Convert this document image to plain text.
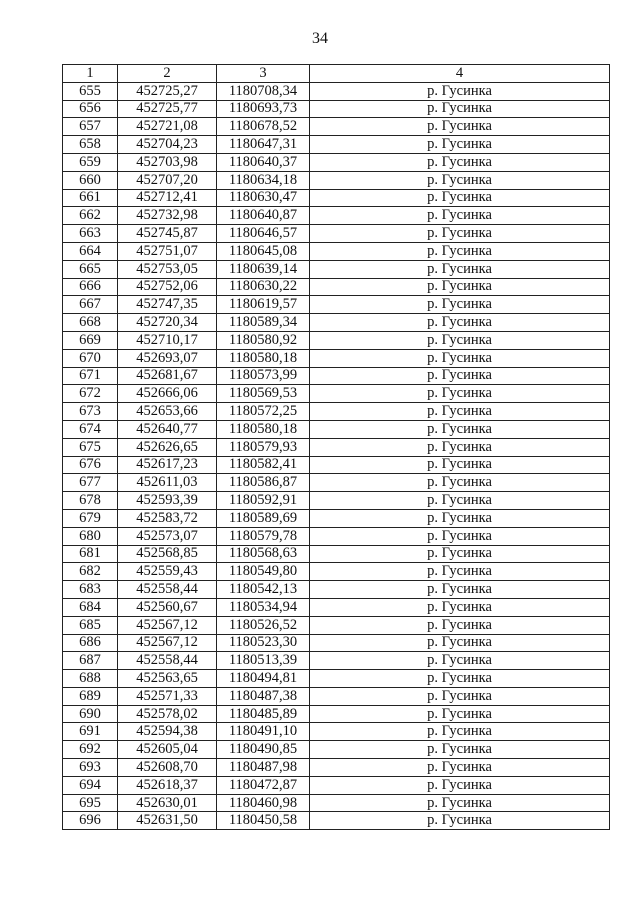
34
1	2	3	4
655	452725,27	1180708,34	р. Гусинка
656	452725,77	1180693,73	р. Гусинка
657	452721,08	1180678,52	р. Гусинка
658	452704,23	1180647,31	р. Гусинка
659	452703,98	1180640,37	р. Гусинка
660	452707,20	1180634,18	р. Гусинка
661	452712,41	1180630,47	р. Гусинка
662	452732,98	1180640,87	р. Гусинка
663	452745,87	1180646,57	р. Гусинка
664	452751,07	1180645,08	р. Гусинка
665	452753,05	1180639,14	р. Гусинка
666	452752,06	1180630,22	р. Гусинка
667	452747,35	1180619,57	р. Гусинка
668	452720,34	1180589,34	р. Гусинка
669	452710,17	1180580,92	р. Гусинка
670	452693,07	1180580,18	р. Гусинка
671	452681,67	1180573,99	р. Гусинка
672	452666,06	1180569,53	р. Гусинка
673	452653,66	1180572,25	р. Гусинка
674	452640,77	1180580,18	р. Гусинка
675	452626,65	1180579,93	р. Гусинка
676	452617,23	1180582,41	р. Гусинка
677	452611,03	1180586,87	р. Гусинка
678	452593,39	1180592,91	р. Гусинка
679	452583,72	1180589,69	р. Гусинка
680	452573,07	1180579,78	р. Гусинка
681	452568,85	1180568,63	р. Гусинка
682	452559,43	1180549,80	р. Гусинка
683	452558,44	1180542,13	р. Гусинка
684	452560,67	1180534,94	р. Гусинка
685	452567,12	1180526,52	р. Гусинка
686	452567,12	1180523,30	р. Гусинка
687	452558,44	1180513,39	р. Гусинка
688	452563,65	1180494,81	р. Гусинка
689	452571,33	1180487,38	р. Гусинка
690	452578,02	1180485,89	р. Гусинка
691	452594,38	1180491,10	р. Гусинка
692	452605,04	1180490,85	р. Гусинка
693	452608,70	1180487,98	р. Гусинка
694	452618,37	1180472,87	р. Гусинка
695	452630,01	1180460,98	р. Гусинка
696	452631,50	1180450,58	р. Гусинка
